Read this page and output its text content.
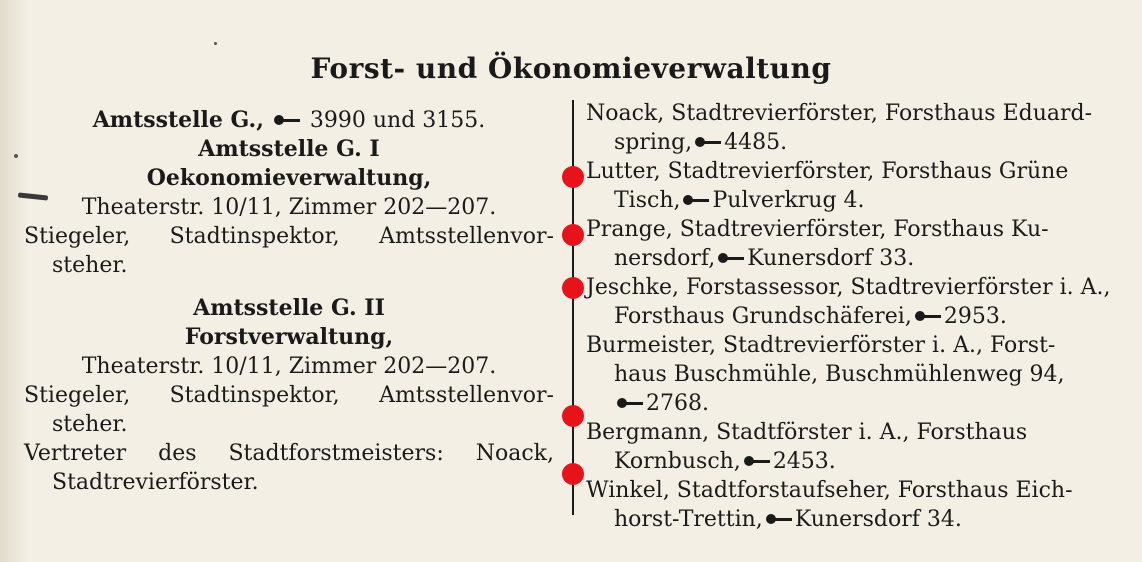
Forst- und Ökonomieverwaltung
Amtsstelle G., 3990 und 3155.
Amtsstelle G. I
Oekonomieverwaltung,
Theaterstr. 10/11, Zimmer 202—207.
Stiegeler, Stadtinspektor, Amtsstellenvor-
steher.
Amtsstelle G. II
Forstverwaltung,
Theaterstr. 10/11, Zimmer 202—207.
Stiegeler, Stadtinspektor, Amtsstellenvor-
steher.
Vertreter des Stadtforstmeisters: Noack,
Stadtrevierförster.
Noack, Stadtrevierförster, Forsthaus Eduard-
spring, 4485.
Lutter, Stadtrevierförster, Forsthaus Grüne
Tisch, Pulverkrug 4.
Prange, Stadtrevierförster, Forsthaus Ku-
nersdorf, Kunersdorf 33.
Jeschke, Forstassessor, Stadtrevierförster i. A.,
Forsthaus Grundschäferei, 2953.
Burmeister, Stadtrevierförster i. A., Forst-
haus Buschmühle, Buschmühlenweg 94,
2768.
Bergmann, Stadtförster i. A., Forsthaus
Kornbusch, 2453.
Winkel, Stadtforstaufseher, Forsthaus Eich-
horst-Trettin, Kunersdorf 34.
